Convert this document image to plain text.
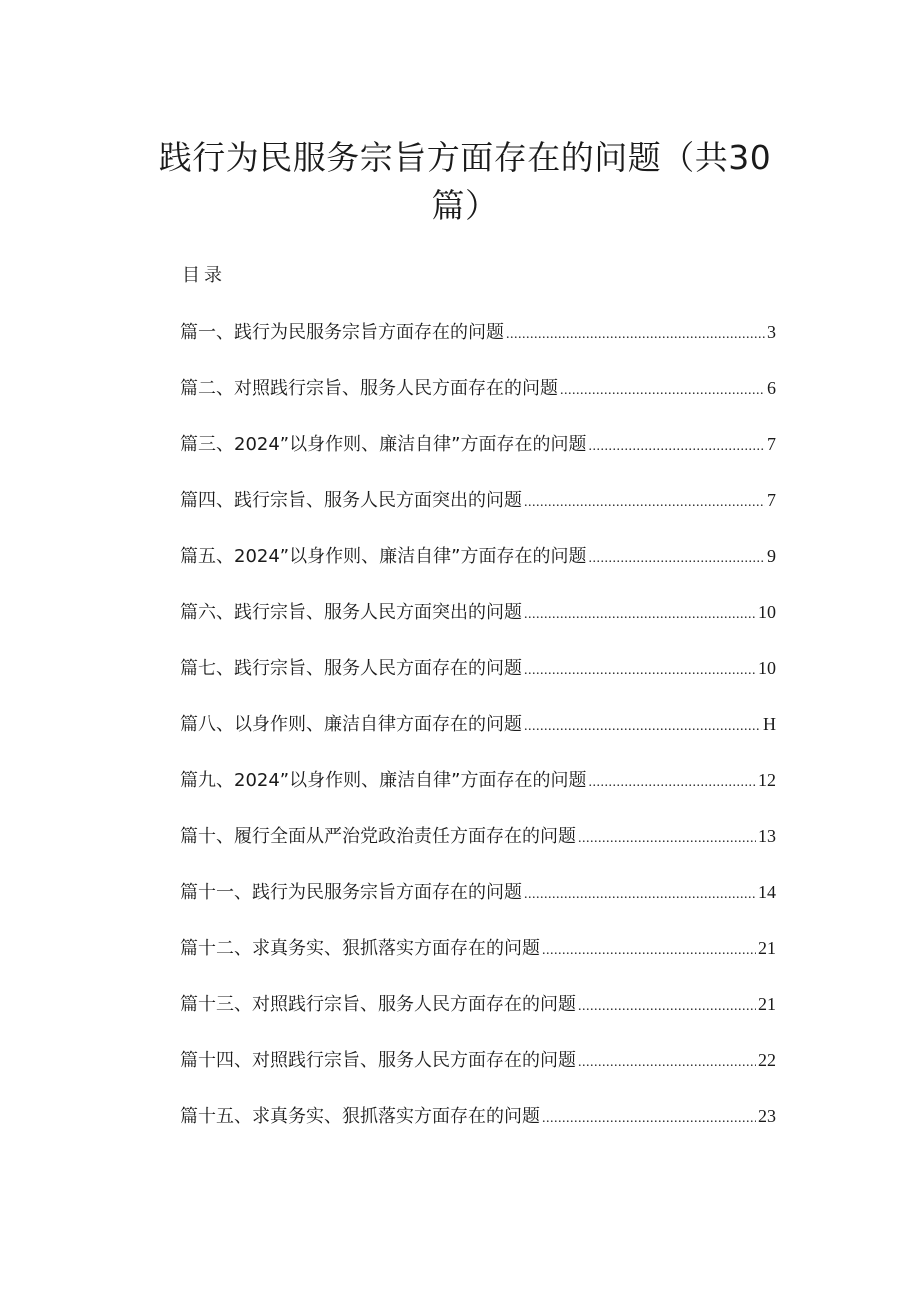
践行为民服务宗旨方面存在的问题（共30
篇）
目录
篇一、践行为民服务宗旨方面存在的问题 .....	3
篇二、对照践行宗旨、服务人民方面存在的问题 .....	6
篇三、2024”以身作则、廉洁自律”方面存在的问题 .....	7
篇四、践行宗旨、服务人民方面突出的问题 .....	7
篇五、2024”以身作则、廉洁自律”方面存在的问题 .....	9
篇六、践行宗旨、服务人民方面突出的问题 .....	10
篇七、践行宗旨、服务人民方面存在的问题 .....	10
篇八、以身作则、廉洁自律方面存在的问题 .....	H
篇九、2024”以身作则、廉洁自律”方面存在的问题 .....	12
篇十、履行全面从严治党政治责任方面存在的问题 .....	13
篇十一、践行为民服务宗旨方面存在的问题 .....	14
篇十二、求真务实、狠抓落实方面存在的问题 .....	21
篇十三、对照践行宗旨、服务人民方面存在的问题 .....	21
篇十四、对照践行宗旨、服务人民方面存在的问题 .....	22
篇十五、求真务实、狠抓落实方面存在的问题 .....	23
